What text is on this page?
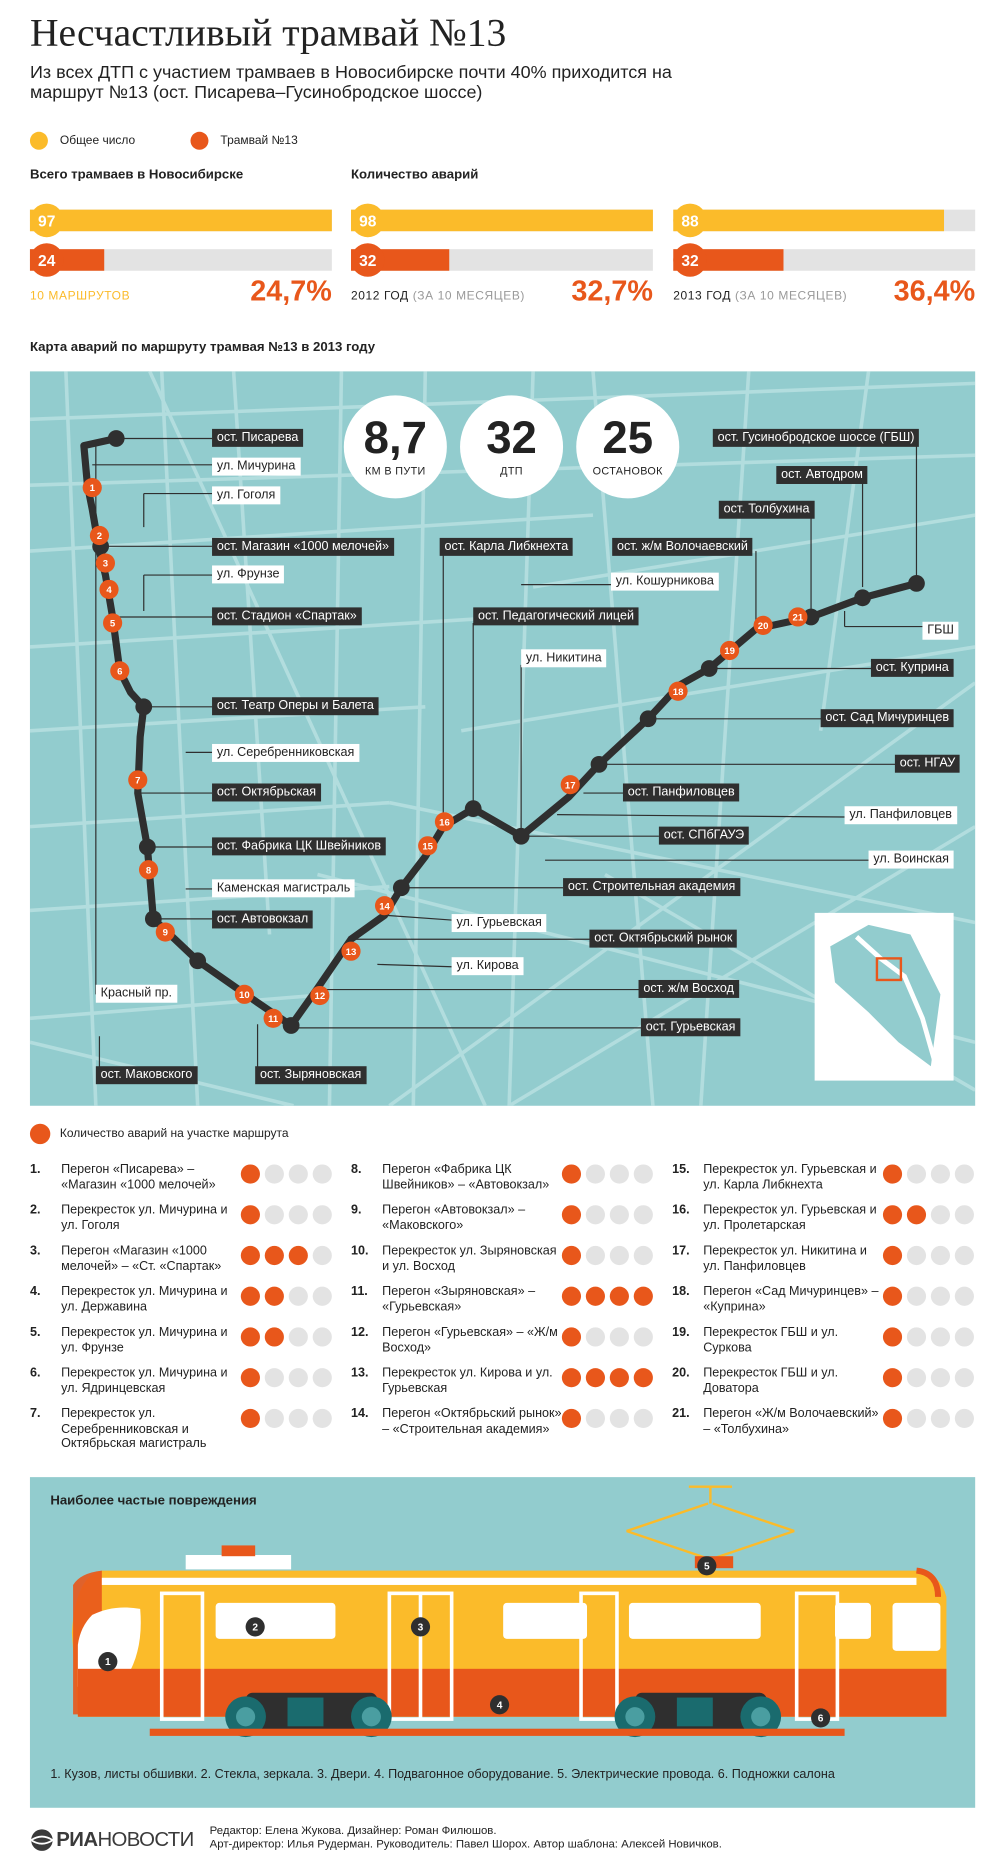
Несчастливый трамвай №13
Из всех ДТП с участием трамваев в Новосибирске почти 40% приходится на маршрут №13 (ост. Писарева–Гусинобродское шоссе)
Общее число	Трамвай №13
Всего трамваев в Новосибирске
97
24
10 МАРШРУТОВ	24,7%
Количество аварий
98
32
2012 ГОД (ЗА 10 МЕСЯЦЕВ) 32,7%
88
32
2013 ГОД (ЗА 10 МЕСЯЦЕВ) 36,4%
Карта аварий по маршруту трамвая №13 в 2013 году
8,7
КМ В ПУТИ
32
ДТП
25
ОСТАНОВОК
ост. Писарева
ул. Мичурина
ул. Гоголя
ост. Магазин «1000 мелочей»
ул. Фрунзе
ост. Стадион «Спартак»
ост. Театр Оперы и Балета
ул. Серебренниковская
ост. Октябрьская
ост. Фабрика ЦК Швейников
Каменская магистраль
ост. Автовокзал
Красный пр.
ост. Маковского	ост. Зыряновская
ост. Карла Либкнехта
ост. Педагогический лицей
ул. Никитина
ост. ж/м Волочаевский
ул. Кошурникова
ост. Гусинобродское шоссе (ГБШ)
ост. Автодром
ост. Толбухина
ГБШ
ост. Куприна
ост. Сад Мичуринцев
ост. НГАУ
ост. Панфиловцев
ул. Панфиловцев
ост. СПбГАУЭ
ул. Воинская
ост. Строительная академия
ул. Гурьевская
ост. Октябрьский рынок
ул. Кирова
ост. ж/м Восход
ост. Гурьевская
1
2
3
4
5
6
7
8
9
10
11
12
13
14
15
16
17
18
19
20
21
Количество аварий на участке маршрута
1. Перегон «Писарева» – «Магазин «1000 мелочей»
2. Перекресток ул. Мичурина и ул. Гоголя
3. Перегон «Магазин «1000 мелочей» – «Ст. «Спартак»
4. Перекресток ул. Мичурина и ул. Державина
5. Перекресток ул. Мичурина и ул. Фрунзе
6. Перекресток ул. Мичурина и ул. Ядринцевская
7. Перекресток ул. Серебренниковская и Октябрьская магистраль
8. Перегон «Фабрика ЦК Швейников» – «Автовокзал»
9. Перегон «Автовокзал» – «Маковского»
10. Перекресток ул. Зыряновская и ул. Восход
11. Перегон «Зыряновская» – «Гурьевская»
12. Перегон «Гурьевская» – «Ж/м Восход»
13. Перекресток ул. Кирова и ул. Гурьевская
14. Перегон «Октябрьский рынок» – «Строительная академия»
15. Перекресток ул. Гурьевская и ул. Карла Либкнехта
16. Перекресток ул. Гурьевская и ул. Пролетарская
17. Перекресток ул. Никитина и ул. Панфиловцев
18. Перегон «Сад Мичуринцев» – «Куприна»
19. Перекресток ГБШ и ул. Суркова
20. Перекресток ГБШ и ул. Доватора
21. Перегон «Ж/м Волочаевский» – «Толбухина»
Наиболее частые повреждения
1
2	3
4
5
6
1. Кузов, листы обшивки. 2. Стекла, зеркала. 3. Двери. 4. Подвагонное оборудование. 5. Электрические провода. 6. Подножки салона
РИАНОВОСТИ Редактор: Елена Жукова. Дизайнер: Роман Филюшов.
Арт-директор: Илья Рудерман. Руководитель: Павел Шорох. Автор шаблона: Алексей Новичков.
